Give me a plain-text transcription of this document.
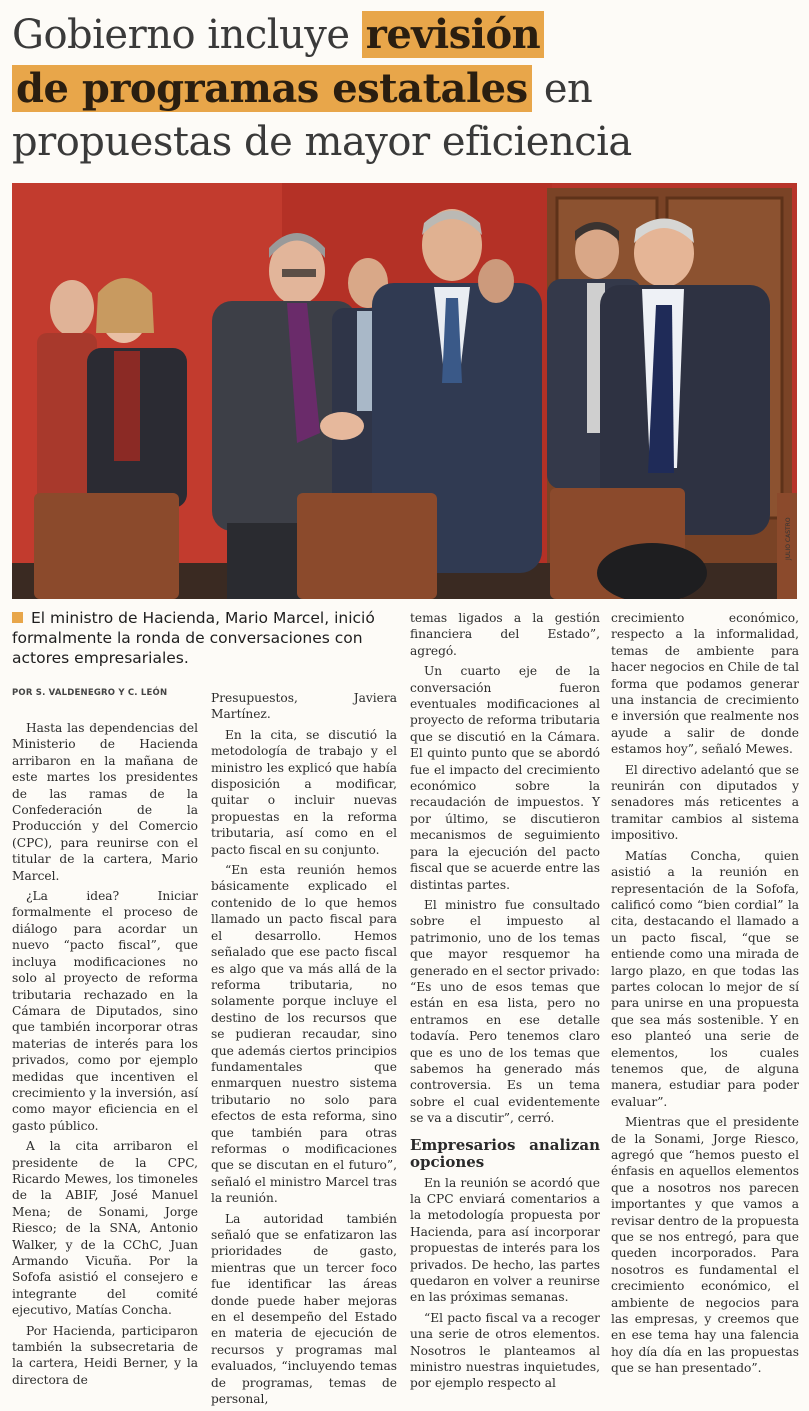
Gobierno incluye revisión
de programas estatales en propuestas de mayor eficiencia
JULIO CASTRO
El ministro de Hacienda, Mario Marcel, inició formalmente la ronda de conversaciones con actores empresariales.
POR S. VALDENEGRO Y C. LEÓN

Hasta las dependencias del Ministerio de Hacienda arribaron en la mañana de este martes los presidentes de las ramas de la Confederación de la Producción y del Comercio (CPC), para reunirse con el titular de la cartera, Mario Marcel.

¿La idea? Iniciar formalmente el proceso de diálogo para acordar un nuevo “pacto fiscal”, que incluya modificaciones no solo al proyecto de reforma tributaria rechazado en la Cámara de Diputados, sino que también incorporar otras materias de interés para los privados, como por ejemplo medidas que incentiven el crecimiento y la inversión, así como mayor eficiencia en el gasto público.

A la cita arribaron el presidente de la CPC, Ricardo Mewes, los timoneles de la ABIF, José Manuel Mena; de Sonami, Jorge Riesco; de la SNA, Antonio Walker, y de la CChC, Juan Armando Vicuña. Por la Sofofa asistió el consejero e integrante del comité ejecutivo, Matías Concha.

Por Hacienda, participaron también la subsecretaria de la cartera, Heidi Berner, y la directora de

Presupuestos, Javiera Martínez.

En la cita, se discutió la metodología de trabajo y el ministro les explicó que había disposición a modificar, quitar o incluir nuevas propuestas en la reforma tributaria, así como en el pacto fiscal en su conjunto.

“En esta reunión hemos básicamente explicado el contenido de lo que hemos llamado un pacto fiscal para el desarrollo. Hemos señalado que ese pacto fiscal es algo que va más allá de la reforma tributaria, no solamente porque incluye el destino de los recursos que se pudieran recaudar, sino que además ciertos principios fundamentales que enmarquen nuestro sistema tributario no solo para efectos de esta reforma, sino que también para otras reformas o modificaciones que se discutan en el futuro”, señaló el ministro Marcel tras la reunión.

La autoridad también señaló que se enfatizaron las prioridades de gasto, mientras que un tercer foco fue identificar las áreas donde puede haber mejoras en el desempeño del Estado en materia de ejecución de recursos y programas mal evaluados, “incluyendo temas de programas, temas de personal,

temas ligados a la gestión financiera del Estado”, agregó.

Un cuarto eje de la conversación fueron eventuales modificaciones al proyecto de reforma tributaria que se discutió en la Cámara. El quinto punto que se abordó fue el impacto del crecimiento económico sobre la recaudación de impuestos. Y por último, se discutieron mecanismos de seguimiento para la ejecución del pacto fiscal que se acuerde entre las distintas partes.

El ministro fue consultado sobre el impuesto al patrimonio, uno de los temas que mayor resquemor ha generado en el sector privado: “Es uno de esos temas que están en esa lista, pero no entramos en ese detalle todavía. Pero tenemos claro que es uno de los temas que sabemos ha generado más controversia. Es un tema sobre el cual evidentemente se va a discutir”, cerró.

Empresarios analizan opciones

En la reunión se acordó que la CPC enviará comentarios a la metodología propuesta por Hacienda, para así incorporar propuestas de interés para los privados. De hecho, las partes quedaron en volver a reunirse en las próximas semanas.

“El pacto fiscal va a recoger una serie de otros elementos. Nosotros le planteamos al ministro nuestras inquietudes, por ejemplo respecto al

crecimiento económico, respecto a la informalidad, temas de ambiente para hacer negocios en Chile de tal forma que podamos generar una instancia de crecimiento e inversión que realmente nos ayude a salir de donde estamos hoy”, señaló Mewes.

El directivo adelantó que se reunirán con diputados y senadores más reticentes a tramitar cambios al sistema impositivo.

Matías Concha, quien asistió a la reunión en representación de la Sofofa, calificó como “bien cordial” la cita, destacando el llamado a un pacto fiscal, “que se entiende como una mirada de largo plazo, en que todas las partes colocan lo mejor de sí para unirse en una propuesta que sea más sostenible. Y en eso planteó una serie de elementos, los cuales tenemos que, de alguna manera, estudiar para poder evaluar”.

Mientras que el presidente de la Sonami, Jorge Riesco, agregó que “hemos puesto el énfasis en aquellos elementos que a nosotros nos parecen importantes y que vamos a revisar dentro de la propuesta que se nos entregó, para que queden incorporados. Para nosotros es fundamental el crecimiento económico, el ambiente de negocios para las empresas, y creemos que en ese tema hay una falencia hoy día día en las propuestas que se han presentado”.
